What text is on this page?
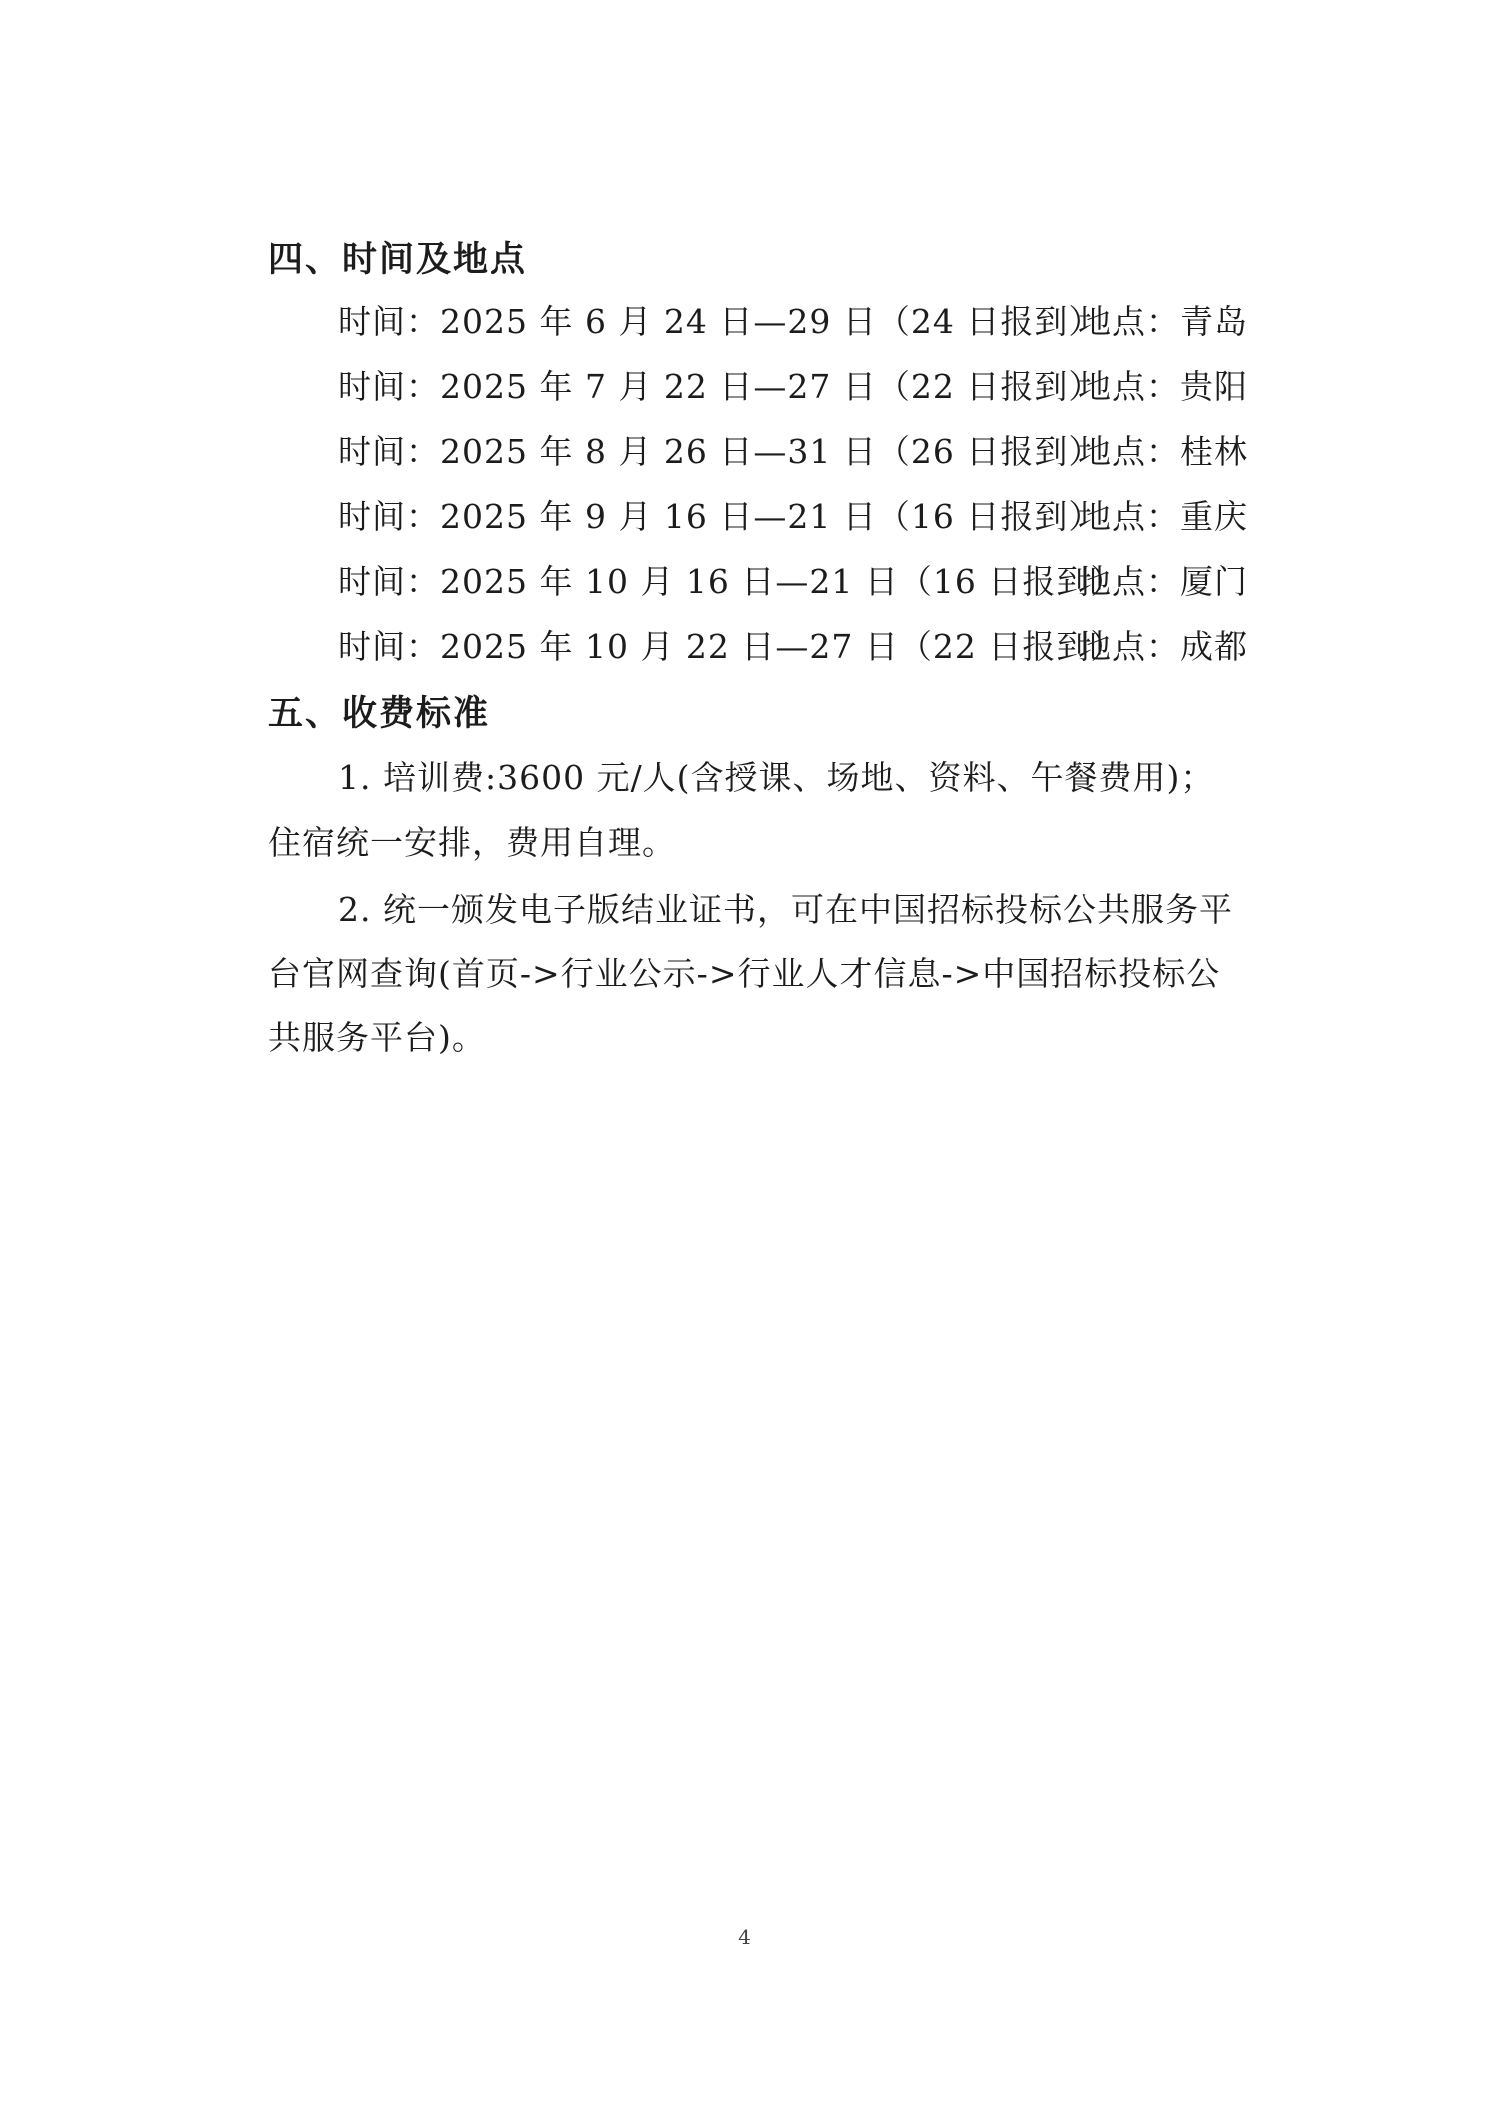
四、时间及地点
时间：2025 年 6 月 24 日—29 日（24 日报到）地点：青岛
时间：2025 年 7 月 22 日—27 日（22 日报到）地点：贵阳
时间：2025 年 8 月 26 日—31 日（26 日报到）地点：桂林
时间：2025 年 9 月 16 日—21 日（16 日报到）地点：重庆
时间：2025 年 10 月 16 日—21 日（16 日报到）地点：厦门
时间：2025 年 10 月 22 日—27 日（22 日报到）地点：成都
五、收费标准
1. 培训费:3600 元/人(含授课、场地、资料、午餐费用)；
住宿统一安排，费用自理。
2. 统一颁发电子版结业证书，可在中国招标投标公共服务平
台官网查询(首页->行业公示->行业人才信息->中国招标投标公
共服务平台)。
4
